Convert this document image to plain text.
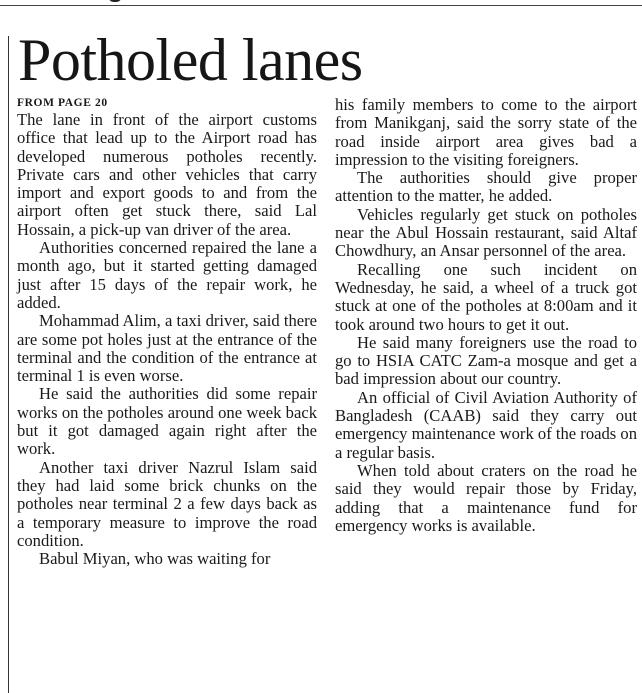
Potholed lanes
FROM PAGE 20

The lane in front of the airport customs office that lead up to the Airport road has developed numerous potholes recently. Private cars and other vehicles that carry import and export goods to and from the airport often get stuck there, said Lal Hossain, a pick-up van driver of the area.

Authorities concerned repaired the lane a month ago, but it started getting damaged just after 15 days of the repair work, he added.

Mohammad Alim, a taxi driver, said there are some pot holes just at the entrance of the terminal and the condition of the entrance at terminal 1 is even worse.

He said the authorities did some repair works on the potholes around one week back but it got damaged again right after the work.

Another taxi driver Nazrul Islam said they had laid some brick chunks on the potholes near terminal 2 a few days back as a temporary measure to improve the road condition.

Babul Miyan, who was waiting for

his family members to come to the airport from Manikganj, said the sorry state of the road inside airport area gives bad a impression to the visiting foreigners.

The authorities should give proper attention to the matter, he added.

Vehicles regularly get stuck on potholes near the Abul Hossain restaurant, said Altaf Chowdhury, an Ansar personnel of the area.

Recalling one such incident on Wednesday, he said, a wheel of a truck got stuck at one of the potholes at 8:00am and it took around two hours to get it out.

He said many foreigners use the road to go to HSIA CATC Zam-a mosque and get a bad impression about our country.

An official of Civil Aviation Authority of Bangladesh (CAAB) said they carry out emergency maintenance work of the roads on a regular basis.

When told about craters on the road he said they would repair those by Friday, adding that a maintenance fund for emergency works is available.
